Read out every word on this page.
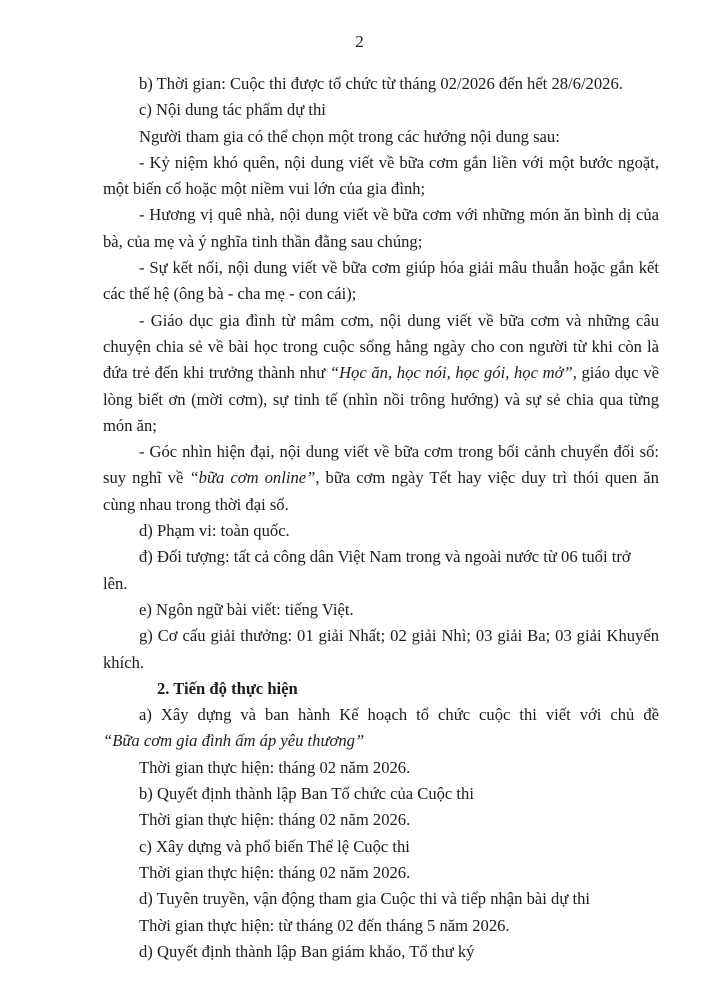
2

b) Thời gian: Cuộc thi được tổ chức từ tháng 02/2026 đến hết 28/6/2026.

c) Nội dung tác phẩm dự thi

Người tham gia có thể chọn một trong các hướng nội dung sau:

- Kỷ niệm khó quên, nội dung viết về bữa cơm gắn liền với một bước ngoặt, một biến cố hoặc một niềm vui lớn của gia đình;

- Hương vị quê nhà, nội dung viết về bữa cơm với những món ăn bình dị của bà, của mẹ và ý nghĩa tinh thần đằng sau chúng;

- Sự kết nối, nội dung viết về bữa cơm giúp hóa giải mâu thuẫn hoặc gắn kết các thế hệ (ông bà - cha mẹ - con cái);

- Giáo dục gia đình từ mâm cơm, nội dung viết về bữa cơm và những câu chuyện chia sẻ về bài học trong cuộc sống hằng ngày cho con người từ khi còn là đứa trẻ đến khi trưởng thành như “Học ăn, học nói, học gói, học mở”, giáo dục về lòng biết ơn (mời cơm), sự tinh tế (nhìn nồi trông hướng) và sự sẻ chia qua từng món ăn;

- Góc nhìn hiện đại, nội dung viết về bữa cơm trong bối cảnh chuyển đổi số: suy nghĩ về “bữa cơm online”, bữa cơm ngày Tết hay việc duy trì thói quen ăn cùng nhau trong thời đại số.

d) Phạm vi: toàn quốc.

đ) Đối tượng: tất cả công dân Việt Nam trong và ngoài nước từ 06 tuổi trở lên.

e) Ngôn ngữ bài viết: tiếng Việt.

g) Cơ cấu giải thưởng: 01 giải Nhất; 02 giải Nhì; 03 giải Ba; 03 giải Khuyến khích.

2. Tiến độ thực hiện

a) Xây dựng và ban hành Kế hoạch tổ chức cuộc thi viết với chủ đề
“Bữa cơm gia đình ấm áp yêu thương”

Thời gian thực hiện: tháng 02 năm 2026.

b) Quyết định thành lập Ban Tổ chức của Cuộc thi

Thời gian thực hiện: tháng 02 năm 2026.

c) Xây dựng và phổ biến Thể lệ Cuộc thi

Thời gian thực hiện: tháng 02 năm 2026.

d) Tuyên truyền, vận động tham gia Cuộc thi và tiếp nhận bài dự thi

Thời gian thực hiện: từ tháng 02 đến tháng 5 năm 2026.

d) Quyết định thành lập Ban giám khảo, Tổ thư ký
